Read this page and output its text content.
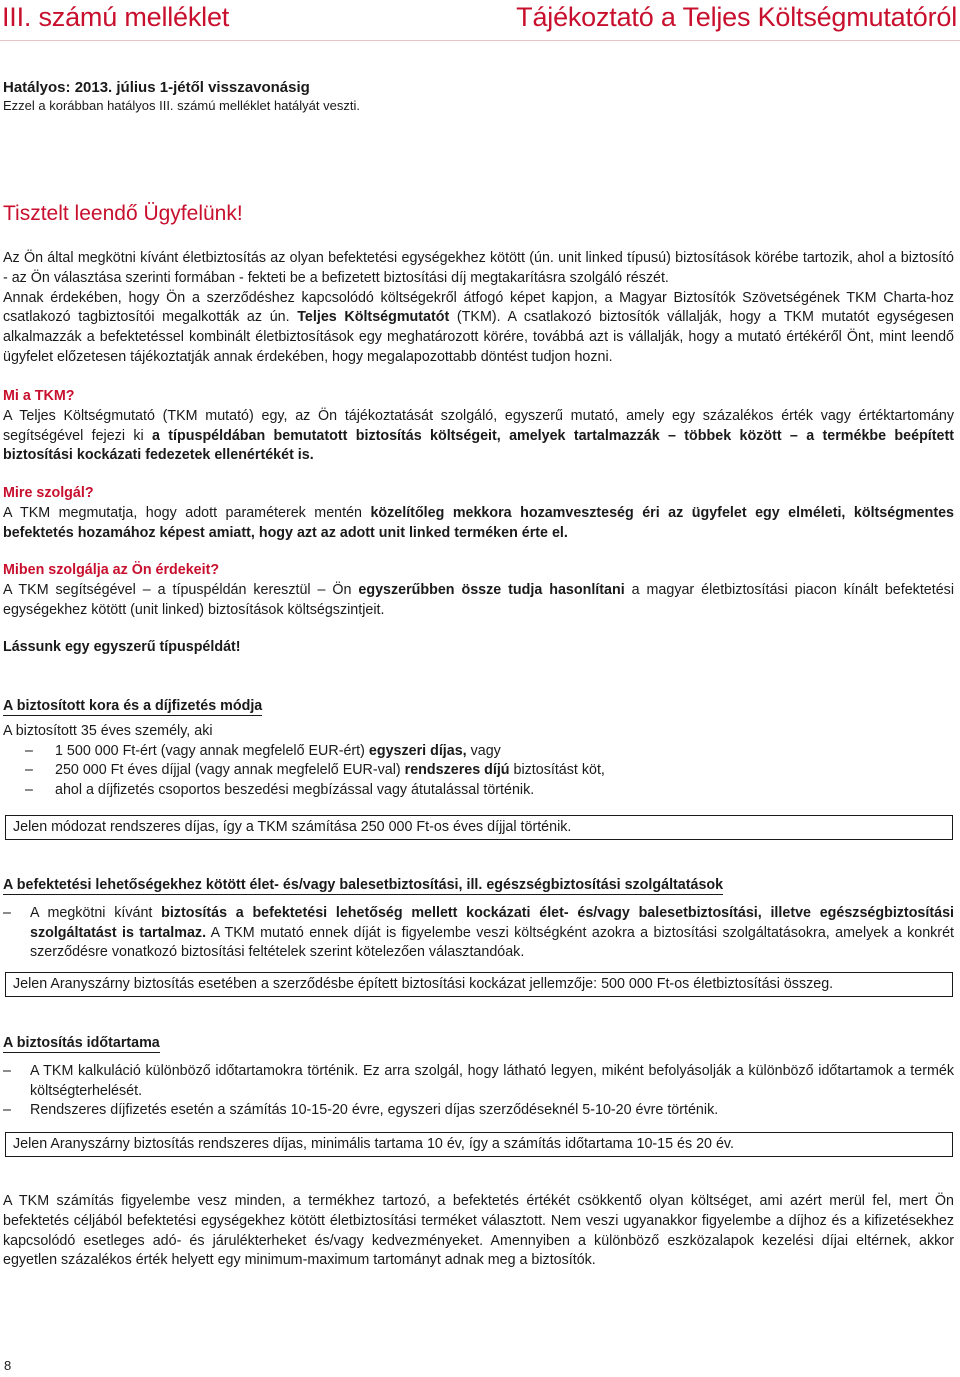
III. számú melléklet	Tájékoztató a Teljes Költségmutatóról
Hatályos: 2013. július 1-jétől visszavonásig
Ezzel a korábban hatályos III. számú melléklet hatályát veszti.
Tisztelt leendő Ügyfelünk!

Az Ön által megkötni kívánt életbiztosítás az olyan befektetési egységekhez kötött (ún. unit linked típusú) biztosítások körébe tartozik, ahol a biztosító - az Ön választása szerinti formában - fekteti be a befizetett biztosítási díj megtakarításra szolgáló részét.

Annak érdekében, hogy Ön a szerződéshez kapcsolódó költségekről átfogó képet kapjon, a Magyar Biztosítók Szövetségének TKM Charta-hoz csatlakozó tagbiztosítói megalkották az ún. Teljes Költségmutatót (TKM). A csatlakozó biztosítók vállalják, hogy a TKM mutatót egységesen alkalmazzák a befektetéssel kombinált életbiztosítások egy meghatározott körére, továbbá azt is vállalják, hogy a mutató értékéről Önt, mint leendő ügyfelet előzetesen tájékoztatják annak érdekében, hogy megalapozottabb döntést tudjon hozni.

Mi a TKM?

A Teljes Költségmutató (TKM mutató) egy, az Ön tájékoztatását szolgáló, egyszerű mutató, amely egy százalékos érték vagy értéktartomány segítségével fejezi ki a típuspéldában bemutatott biztosítás költségeit, amelyek tartalmazzák – többek között – a termékbe beépített biztosítási kockázati fedezetek ellenértékét is.

Mire szolgál?

A TKM megmutatja, hogy adott paraméterek mentén közelítőleg mekkora hozamveszteség éri az ügyfelet egy elméleti, költségmentes befektetés hozamához képest amiatt, hogy azt az adott unit linked terméken érte el.

Miben szolgálja az Ön érdekeit?

A TKM segítségével – a típuspéldán keresztül – Ön egyszerűbben össze tudja hasonlítani a magyar életbiztosítási piacon kínált befektetési egységekhez kötött (unit linked) biztosítások költségszintjeit.

Lássunk egy egyszerű típuspéldát!

A biztosított kora és a díjfizetés módja

A biztosított 35 éves személy, aki

– 1 500 000 Ft-ért (vagy annak megfelelő EUR-ért) egyszeri díjas, vagy
– 250 000 Ft éves díjjal (vagy annak megfelelő EUR-val) rendszeres díjú biztosítást köt,
– ahol a díjfizetés csoportos beszedési megbízással vagy átutalással történik.
Jelen módozat rendszeres díjas, így a TKM számítása 250 000 Ft-os éves díjjal történik.

A befektetési lehetőségekhez kötött élet- és/vagy balesetbiztosítási, ill. egészségbiztosítási szolgáltatások

– A megkötni kívánt biztosítás a befektetési lehetőség mellett kockázati élet- és/vagy balesetbiztosítási, illetve egészségbiztosítási szolgáltatást is tartalmaz. A TKM mutató ennek díját is figyelembe veszi költségként azokra a biztosítási szolgáltatásokra, amelyek a konkrét szerződésre vonatkozó biztosítási feltételek szerint kötelezően választandóak.
Jelen Aranyszárny biztosítás esetében a szerződésbe épített biztosítási kockázat jellemzője: 500 000 Ft-os életbiztosítási összeg.

A biztosítás időtartama

– A TKM kalkuláció különböző időtartamokra történik. Ez arra szolgál, hogy látható legyen, miként befolyásolják a különböző időtartamok a termék költségterhelését.
– Rendszeres díjfizetés esetén a számítás 10-15-20 évre, egyszeri díjas szerződéseknél 5-10-20 évre történik.
Jelen Aranyszárny biztosítás rendszeres díjas, minimális tartama 10 év, így a számítás időtartama 10-15 és 20 év.
A TKM számítás figyelembe vesz minden, a termékhez tartozó, a befektetés értékét csökkentő olyan költséget, ami azért merül fel, mert Ön befektetés céljából befektetési egységekhez kötött életbiztosítási terméket választott. Nem veszi ugyanakkor figyelembe a díjhoz és a kifizetésekhez kapcsolódó esetleges adó- és járulékterheket és/vagy kedvezményeket. Amennyiben a különböző eszközalapok kezelési díjai eltérnek, akkor egyetlen százalékos érték helyett egy minimum-maximum tartományt adnak meg a biztosítók.
8
